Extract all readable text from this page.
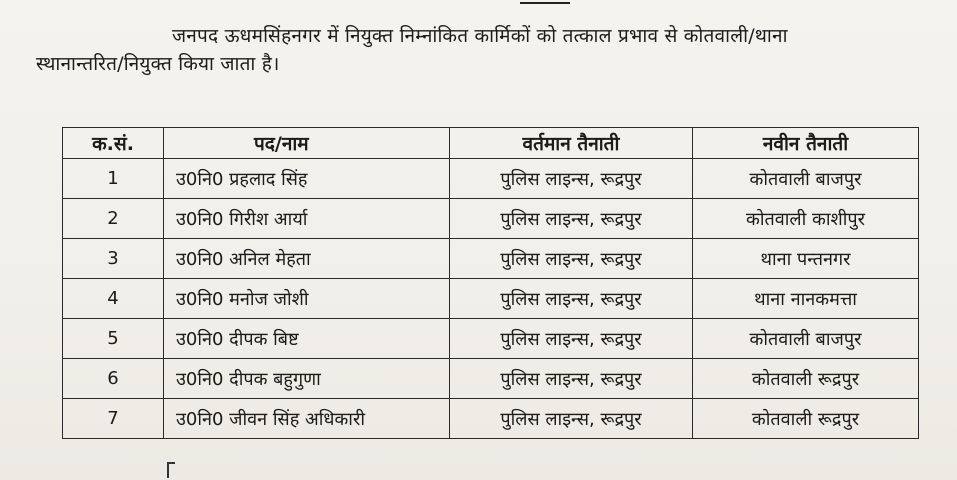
जनपद ऊधमसिंहनगर में नियुक्त निम्नांकित कार्मिकों को तत्काल प्रभाव से कोतवाली/थाना
स्थानान्तरित/नियुक्त किया जाता है।
क.सं.	पद/नाम	वर्तमान तैनाती	नवीन तैनाती
1	उ0नि0 प्रहलाद सिंह	पुलिस लाइन्स, रूद्रपुर	कोतवाली बाजपुर
2	उ0नि0 गिरीश आर्या	पुलिस लाइन्स, रूद्रपुर	कोतवाली काशीपुर
3	उ0नि0 अनिल मेहता	पुलिस लाइन्स, रूद्रपुर	थाना पन्तनगर
4	उ0नि0 मनोज जोशी	पुलिस लाइन्स, रूद्रपुर	थाना नानकमत्ता
5	उ0नि0 दीपक बिष्ट	पुलिस लाइन्स, रूद्रपुर	कोतवाली बाजपुर
6	उ0नि0 दीपक बहुगुणा	पुलिस लाइन्स, रूद्रपुर	कोतवाली रूद्रपुर
7	उ0नि0 जीवन सिंह अधिकारी	पुलिस लाइन्स, रूद्रपुर	कोतवाली रूद्रपुर
